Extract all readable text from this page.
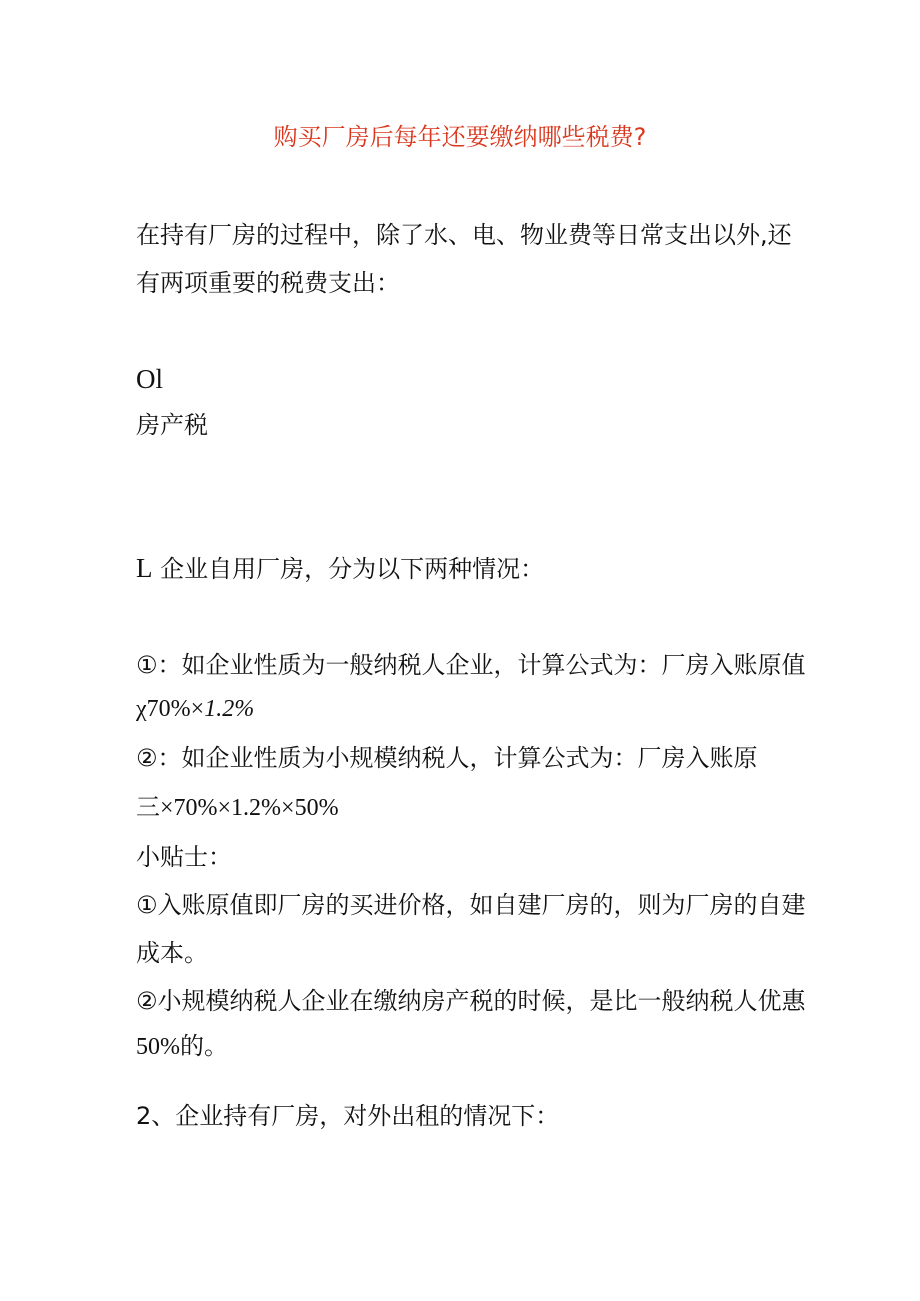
购买厂房后每年还要缴纳哪些税费?
在持有厂房的过程中，除了水、电、物业费等日常支出以外,还
有两项重要的税费支出：
Ol
房产税
L 企业自用厂房，分为以下两种情况：
①：如企业性质为一般纳税人企业，计算公式为：厂房入账原值
χ70%×1.2%
②：如企业性质为小规模纳税人，计算公式为：厂房入账原
三×70%×1.2%×50%
小贴士：
①入账原值即厂房的买进价格，如自建厂房的，则为厂房的自建
成本。
②小规模纳税人企业在缴纳房产税的时候，是比一般纳税人优惠
50%的。
2、企业持有厂房，对外出租的情况下：
